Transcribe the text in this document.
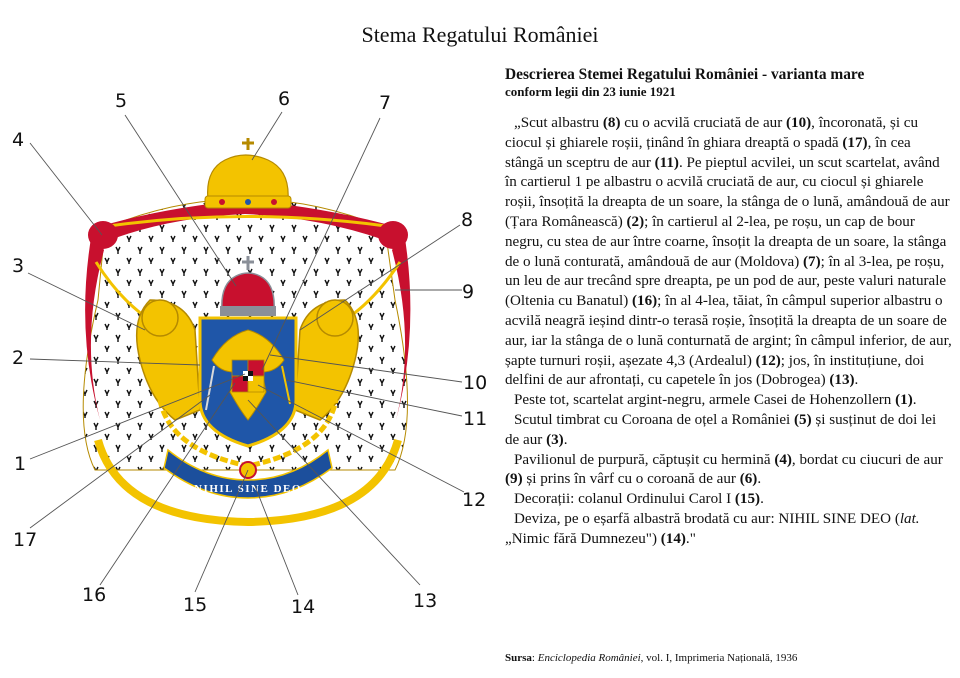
Stema Regatului României
NIHIL SINE DEO
5	6	7
4
8
3
9
2
10
11
1
12
17
16	15	14	13
Descrierea Stemei Regatului României - varianta mare
conform legii din 23 iunie 1921

„Scut albastru (8) cu o acvilă cruciată de aur (10), încoronată, și cu ciocul și ghiarele roșii, ținând în ghiara dreaptă o spadă (17), în cea stângă un sceptru de aur (11). Pe pieptul acvilei, un scut scartelat, având în cartierul 1 pe albastru o acvilă cruciată de aur, cu ciocul și ghiarele roșii, însoțită la dreapta de un soare, la stânga de o lună, amândouă de aur (Țara Românească) (2); în cartierul al 2-lea, pe roșu, un cap de bour negru, cu stea de aur între coarne, însoțit la dreapta de un soare, la stânga de o lună conturată, amândouă de aur (Moldova) (7); în al 3-lea, pe roșu, un leu de aur trecând spre dreapta, pe un pod de aur, peste valuri naturale (Oltenia cu Banatul) (16); în al 4-lea, tăiat, în câmpul superior albastru o acvilă neagră ieșind dintr-o terasă roșie, însoțită la dreapta de un soare de aur, iar la stânga de o lună conturnată de argint; în câmpul inferior, de aur, șapte turnuri roșii, așezate 4,3 (Ardealul) (12); jos, în instituțiune, doi delfini de aur afrontați, cu capetele în jos (Dobrogea) (13).

Peste tot, scartelat argint-negru, armele Casei de Hohenzollern (1).

Scutul timbrat cu Coroana de oțel a României (5) și susținut de doi lei de aur (3).

Pavilionul de purpură, căptușit cu hermină (4), bordat cu ciucuri de aur (9) și prins în vârf cu o coroană de aur (6).

Decorații: colanul Ordinului Carol I (15).

Deviza, pe o eșarfă albastră brodată cu aur: NIHIL SINE DEO (lat. „Nimic fără Dumnezeu") (14)."

Sursa: Enciclopedia României, vol. I, Imprimeria Națională, 1936
